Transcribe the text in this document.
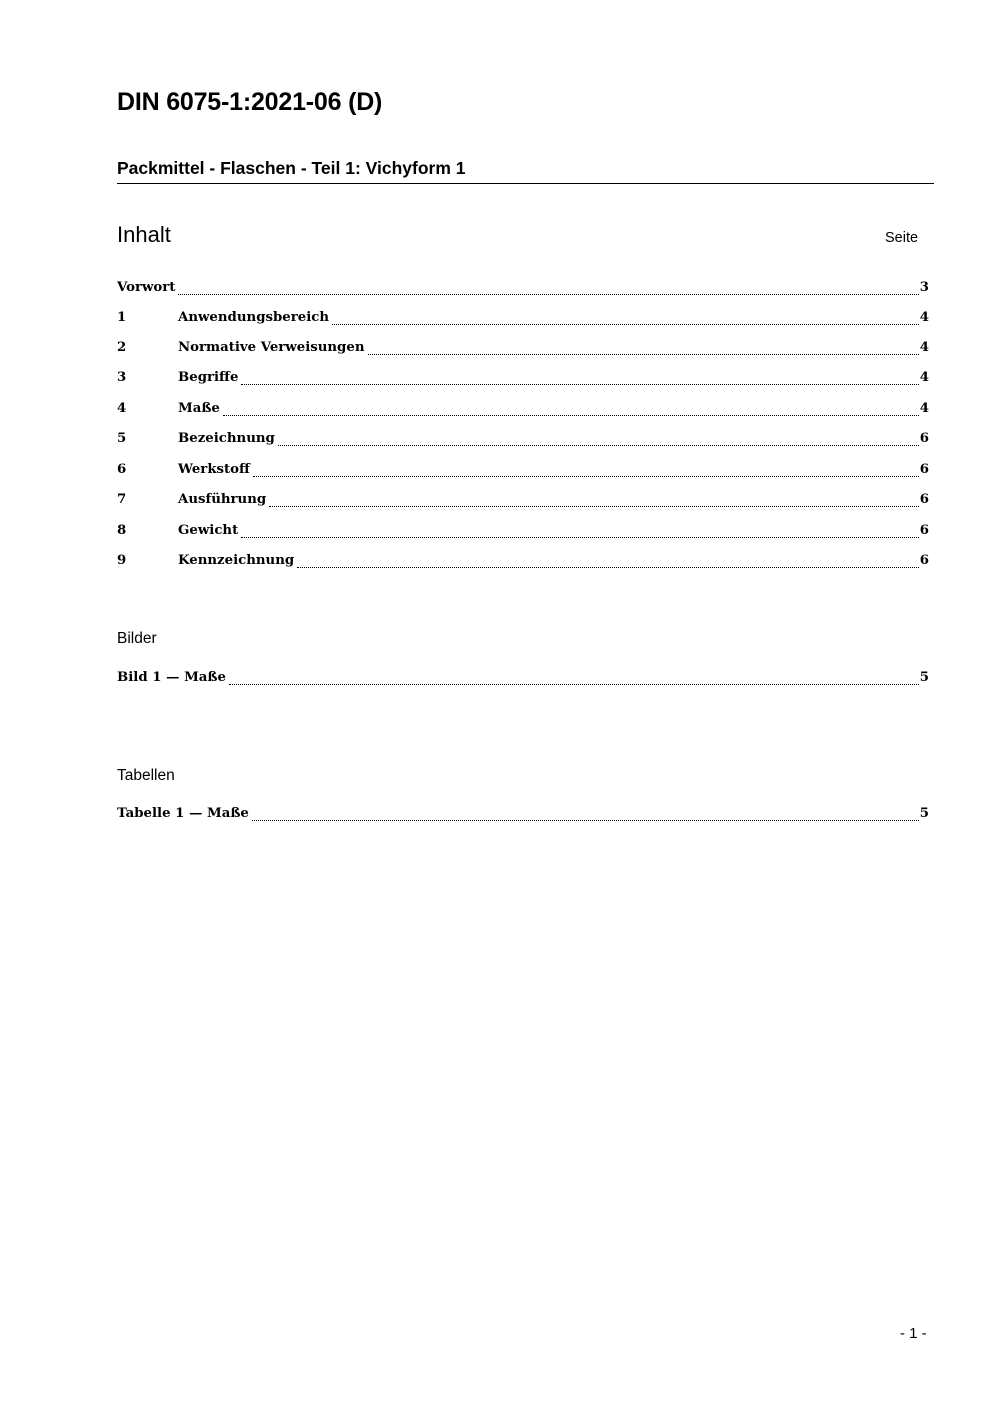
DIN 6075-1:2021-06 (D)
Packmittel - Flaschen - Teil 1: Vichyform 1
Inhalt	Seite
Vorwort	3
1	Anwendungsbereich	4
2	Normative Verweisungen	4
3	Begriffe	4
4	Maße	4
5	Bezeichnung	6
6	Werkstoff	6
7	Ausführung	6
8	Gewicht	6
9	Kennzeichnung	6
Bilder
Bild 1 — Maße	5
Tabellen
Tabelle 1 — Maße	5
- 1 -
